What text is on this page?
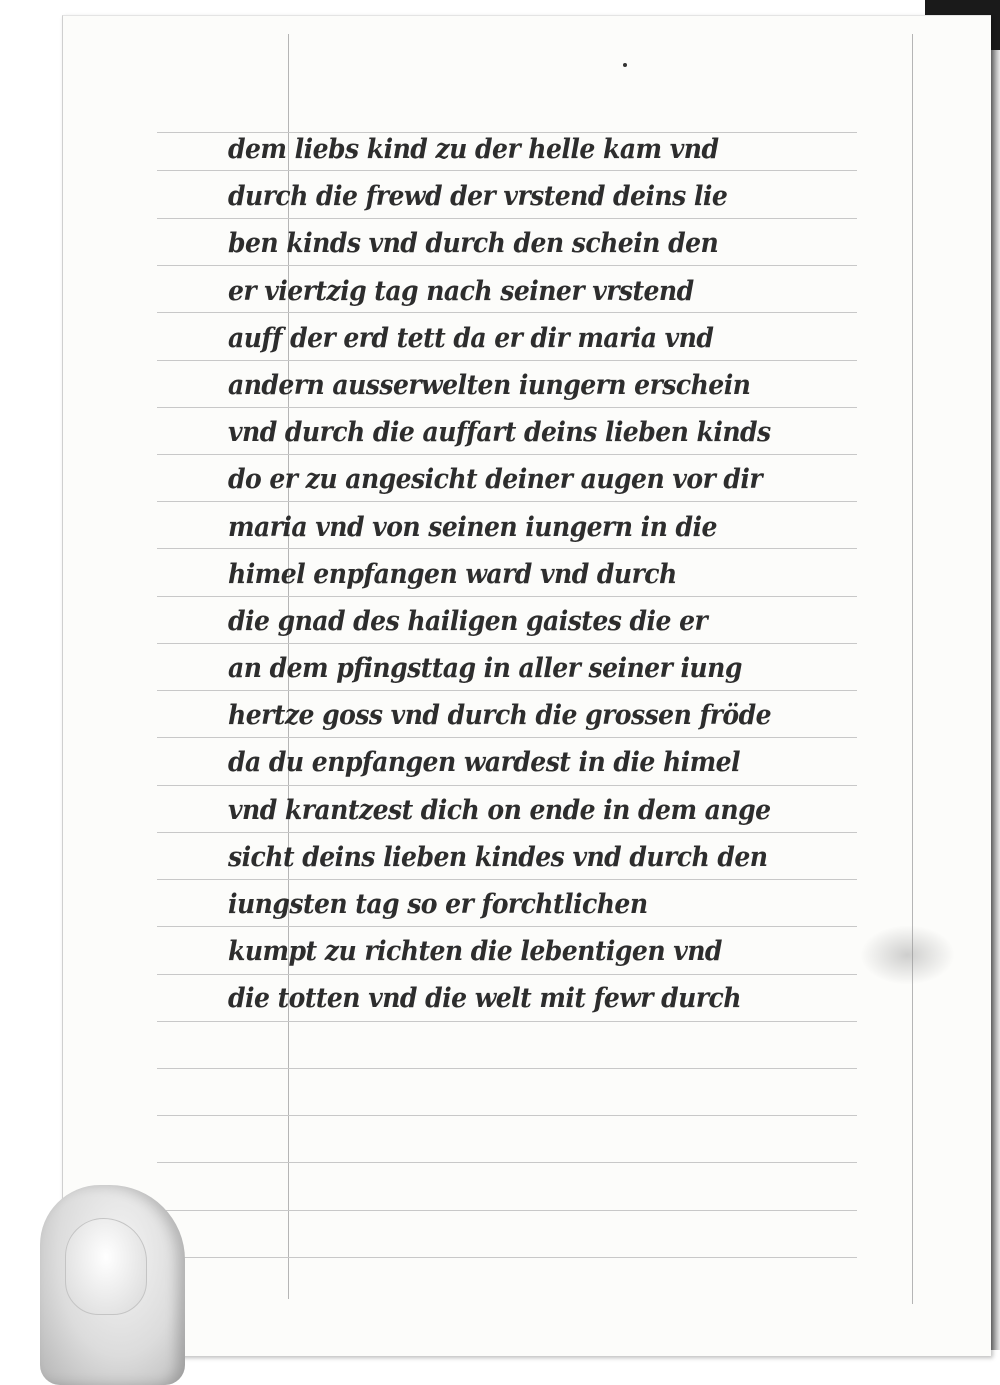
dem liebs kind zu der helle kam vnd
durch die frewd der vrstend deins lie
ben kinds vnd durch den schein den
er viertzig tag nach seiner vrstend
auff der erd tett da er dir maria vnd
andern ausserwelten iungern erschein
vnd durch die auffart deins lieben kinds
do er zu angesicht deiner augen vor dir
maria vnd von seinen iungern in die
himel enpfangen ward vnd durch
die gnad des hailigen gaistes die er
an dem pfingsttag in aller seiner iung
hertze goss vnd durch die grossen fröde
da du enpfangen wardest in die himel
vnd krantzest dich on ende in dem ange
sicht deins lieben kindes vnd durch den
iungsten tag so er forchtlichen
kumpt zu richten die lebentigen vnd
die totten vnd die welt mit fewr durch
